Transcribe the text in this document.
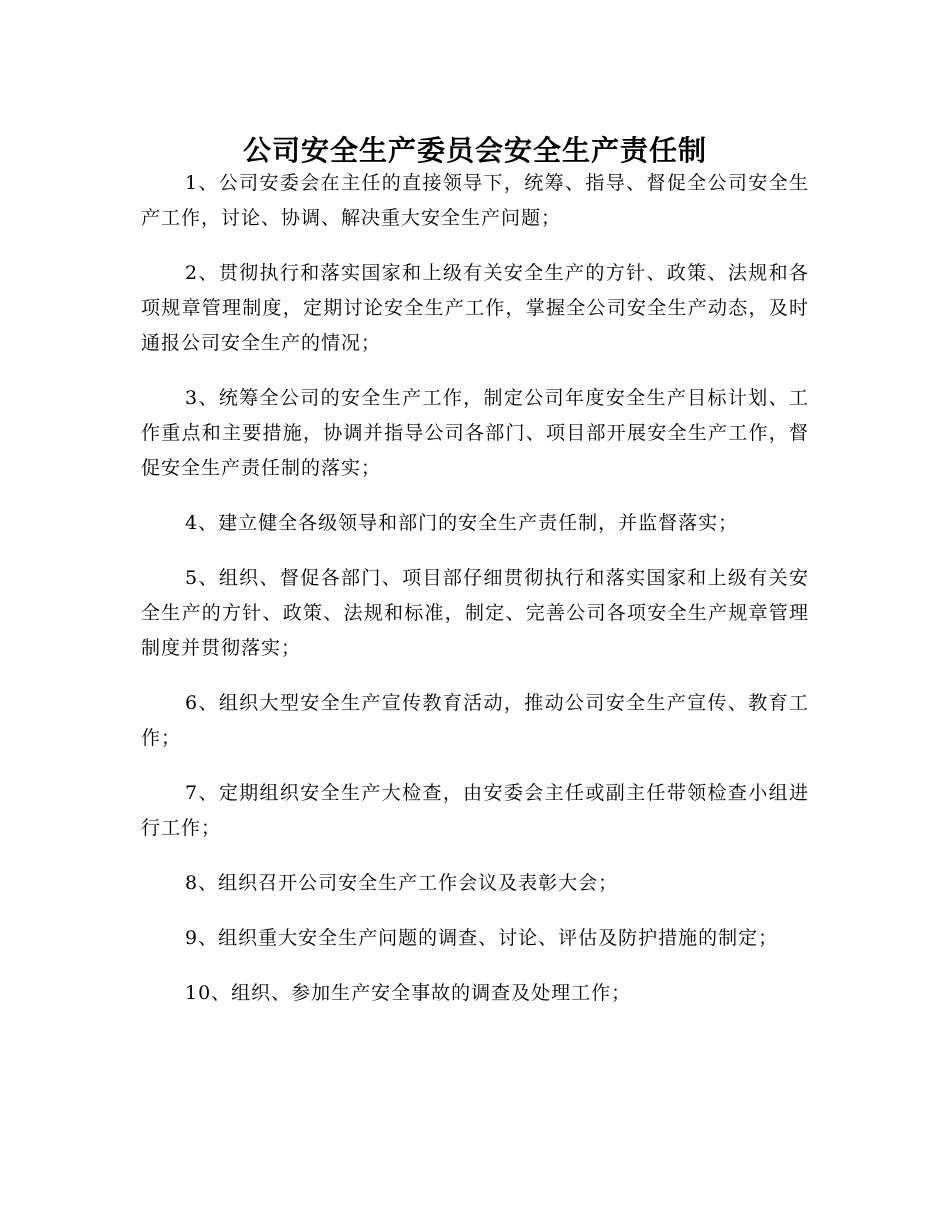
公司安全生产委员会安全生产责任制

1、公司安委会在主任的直接领导下，统筹、指导、督促全公司安全生产工作，讨论、协调、解决重大安全生产问题；

2、贯彻执行和落实国家和上级有关安全生产的方针、政策、法规和各项规章管理制度，定期讨论安全生产工作，掌握全公司安全生产动态，及时通报公司安全生产的情况；

3、统筹全公司的安全生产工作，制定公司年度安全生产目标计划、工作重点和主要措施，协调并指导公司各部门、项目部开展安全生产工作，督促安全生产责任制的落实；

4、建立健全各级领导和部门的安全生产责任制，并监督落实；

5、组织、督促各部门、项目部仔细贯彻执行和落实国家和上级有关安全生产的方针、政策、法规和标准，制定、完善公司各项安全生产规章管理制度并贯彻落实；

6、组织大型安全生产宣传教育活动，推动公司安全生产宣传、教育工作；

7、定期组织安全生产大检查，由安委会主任或副主任带领检查小组进行工作；

8、组织召开公司安全生产工作会议及表彰大会；

9、组织重大安全生产问题的调查、讨论、评估及防护措施的制定；

10、组织、参加生产安全事故的调查及处理工作；
